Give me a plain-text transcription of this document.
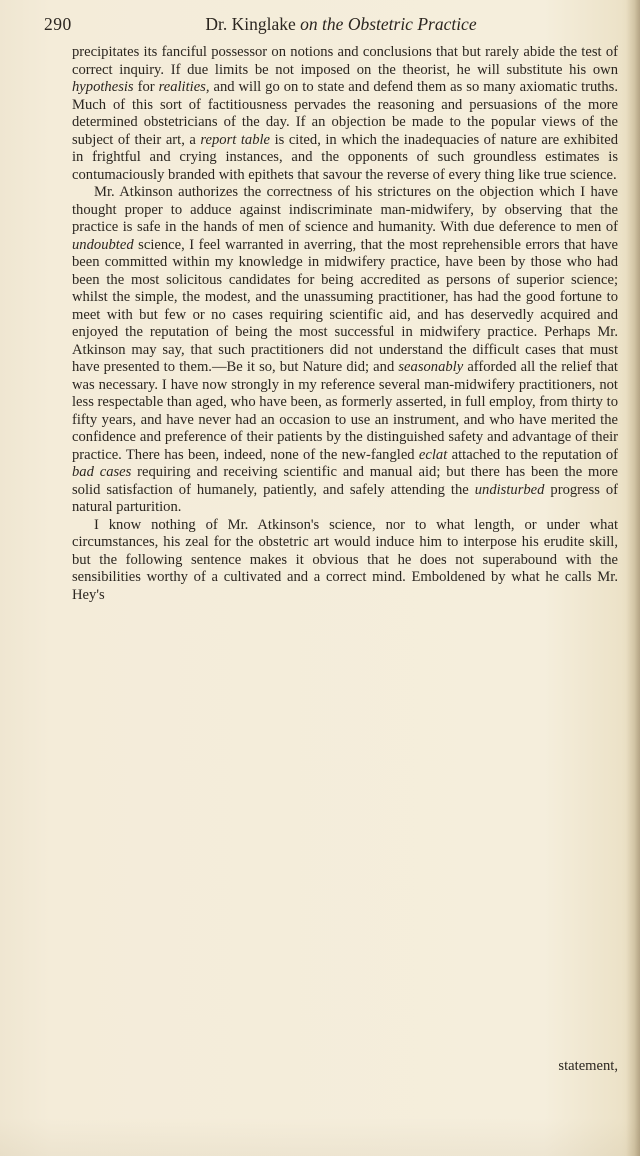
290	Dr. Kinglake on the Obstetric Practice

precipitates its fanciful possessor on notions and conclusions that but rarely abide the test of correct inquiry. If due limits be not imposed on the theorist, he will substitute his own hypothesis for realities, and will go on to state and defend them as so many axiomatic truths. Much of this sort of factitiousness pervades the reasoning and persuasions of the more determined obstetricians of the day. If an objection be made to the popular views of the subject of their art, a report table is cited, in which the inadequacies of nature are exhibited in frightful and crying instances, and the opponents of such groundless estimates is contumaciously branded with epithets that savour the reverse of every thing like true science.

Mr. Atkinson authorizes the correctness of his strictures on the objection which I have thought proper to adduce against indiscriminate man-midwifery, by observing that the practice is safe in the hands of men of science and humanity. With due deference to men of undoubted science, I feel warranted in averring, that the most reprehensible errors that have been committed within my knowledge in midwifery practice, have been by those who had been the most solicitous candidates for being accredited as persons of superior science; whilst the simple, the modest, and the unassuming practitioner, has had the good fortune to meet with but few or no cases requiring scientific aid, and has deservedly acquired and enjoyed the reputation of being the most successful in midwifery practice. Perhaps Mr. Atkinson may say, that such practitioners did not understand the difficult cases that must have presented to them.—Be it so, but Nature did; and seasonably afforded all the relief that was necessary. I have now strongly in my reference several man-midwifery practitioners, not less respectable than aged, who have been, as formerly asserted, in full employ, from thirty to fifty years, and have never had an occasion to use an instrument, and who have merited the confidence and preference of their patients by the distinguished safety and advantage of their practice. There has been, indeed, none of the new-fangled eclat attached to the reputation of bad cases requiring and receiving scientific and manual aid; but there has been the more solid satisfaction of humanely, patiently, and safely attending the undisturbed progress of natural parturition.

I know nothing of Mr. Atkinson's science, nor to what length, or under what circumstances, his zeal for the obstetric art would induce him to interpose his erudite skill, but the following sentence makes it obvious that he does not superabound with the sensibilities worthy of a cultivated and a correct mind. Emboldened by what he calls Mr. Hey's

statement,
